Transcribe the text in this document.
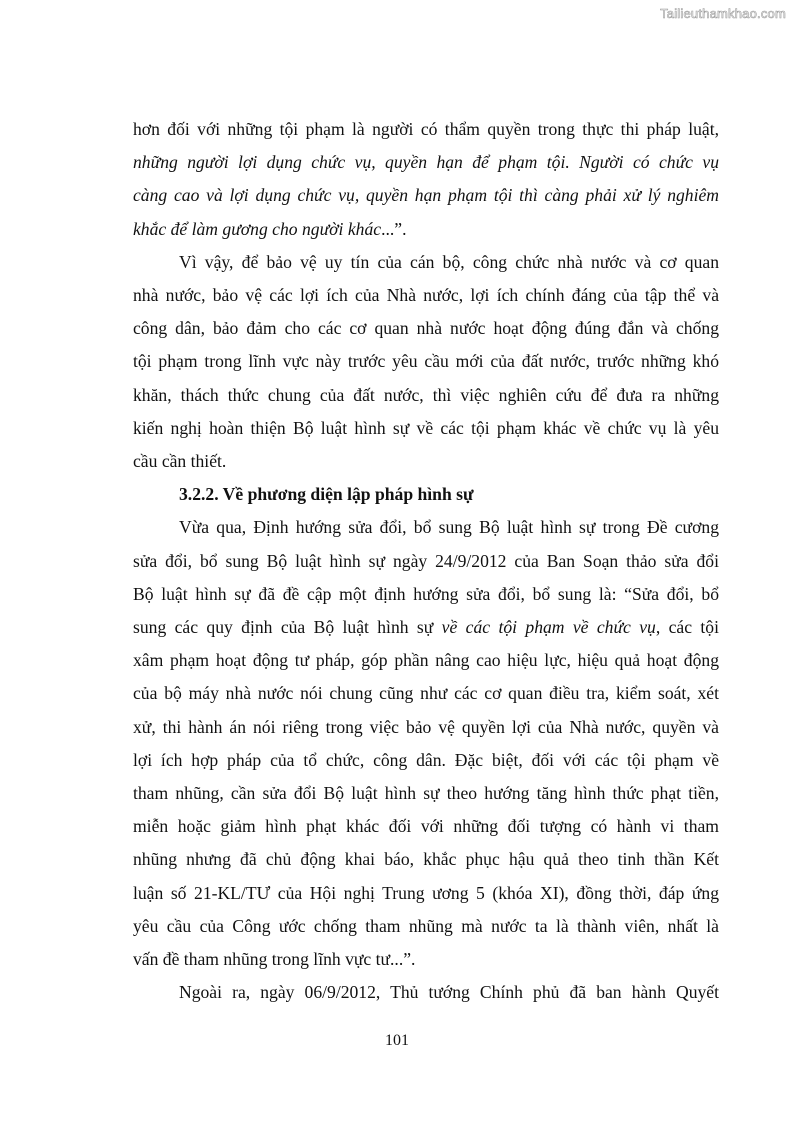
Tailieuthamkhao.com
hơn đối với những tội phạm là người có thẩm quyền trong thực thi pháp luật,
những người lợi dụng chức vụ, quyền hạn để phạm tội. Người có chức vụ
càng cao và lợi dụng chức vụ, quyền hạn phạm tội thì càng phải xử lý nghiêm
khắc để làm gương cho người khác...”.
Vì vậy, để bảo vệ uy tín của cán bộ, công chức nhà nước và cơ quan
nhà nước, bảo vệ các lợi ích của Nhà nước, lợi ích chính đáng của tập thể và
công dân, bảo đảm cho các cơ quan nhà nước hoạt động đúng đắn và chống
tội phạm trong lĩnh vực này trước yêu cầu mới của đất nước, trước những khó
khăn, thách thức chung của đất nước, thì việc nghiên cứu để đưa ra những
kiến nghị hoàn thiện Bộ luật hình sự về các tội phạm khác về chức vụ là yêu
cầu cần thiết.
3.2.2. Về phương diện lập pháp hình sự
Vừa qua, Định hướng sửa đổi, bổ sung Bộ luật hình sự trong Đề cương
sửa đổi, bổ sung Bộ luật hình sự ngày 24/9/2012 của Ban Soạn thảo sửa đổi
Bộ luật hình sự đã đề cập một định hướng sửa đổi, bổ sung là: “Sửa đổi, bổ
sung các quy định của Bộ luật hình sự về các tội phạm về chức vụ, các tội
xâm phạm hoạt động tư pháp, góp phần nâng cao hiệu lực, hiệu quả hoạt động
của bộ máy nhà nước nói chung cũng như các cơ quan điều tra, kiểm soát, xét
xử, thi hành án nói riêng trong việc bảo vệ quyền lợi của Nhà nước, quyền và
lợi ích hợp pháp của tổ chức, công dân. Đặc biệt, đối với các tội phạm về
tham nhũng, cần sửa đổi Bộ luật hình sự theo hướng tăng hình thức phạt tiền,
miễn hoặc giảm hình phạt khác đối với những đối tượng có hành vi tham
nhũng nhưng đã chủ động khai báo, khắc phục hậu quả theo tinh thần Kết
luận số 21-KL/TƯ của Hội nghị Trung ương 5 (khóa XI), đồng thời, đáp ứng
yêu cầu của Công ước chống tham nhũng mà nước ta là thành viên, nhất là
vấn đề tham nhũng trong lĩnh vực tư...”.
Ngoài ra, ngày 06/9/2012, Thủ tướng Chính phủ đã ban hành Quyết
101
